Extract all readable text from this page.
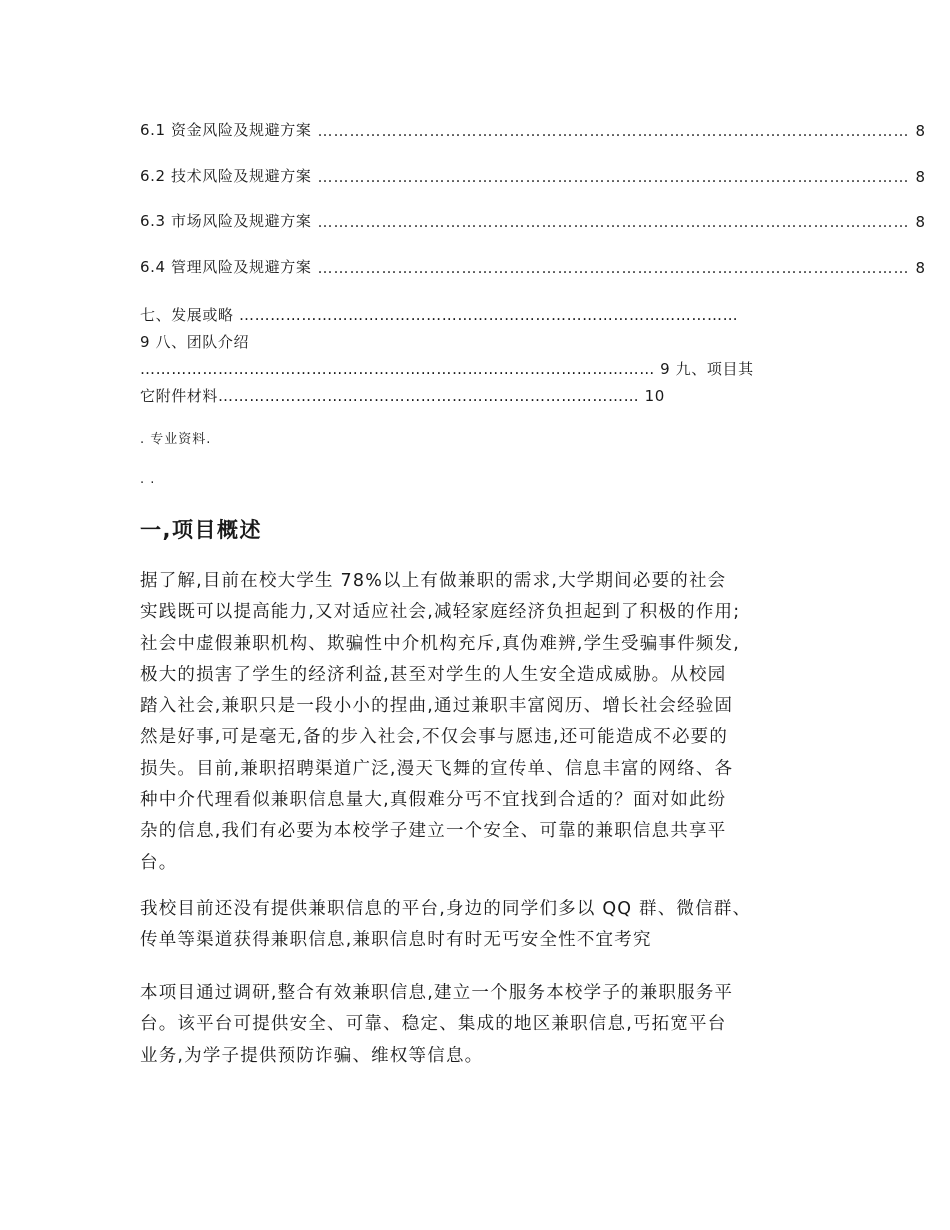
6.1 资金风险及规避方案 ………………………………………………………………………………………………… 8
6.2 技术风险及规避方案 ………………………………………………………………………………………………… 8
6.3 市场风险及规避方案 ………………………………………………………………………………………………… 8
6.4 管理风险及规避方案 ………………………………………………………………………………………………… 8
七、发展或略 ……………………………………………………………………………………
9 八、团队介绍
……………………………………………………………………………………… 9 九、项目其
它附件材料……………………………………………………………………… 10
. 专业资料.
. .
一,项目概述
据了解,目前在校大学生 78%以上有做兼职的需求,大学期间必要的社会
实践既可以提高能力,又对适应社会,减轻家庭经济负担起到了积极的作用;
社会中虚假兼职机构、欺骗性中介机构充斥,真伪难辨,学生受骗事件频发,
极大的损害了学生的经济利益,甚至对学生的人生安全造成威胁。从校园
踏入社会,兼职只是一段小小的捏曲,通过兼职丰富阅历、增长社会经验固
然是好事,可是毫无,备的步入社会,不仅会事与愿违,还可能造成不必要的
损失。目前,兼职招聘渠道广泛,漫天飞舞的宣传单、信息丰富的网络、各
种中介代理看似兼职信息量大,真假难分丐不宜找到合适的？面对如此纷
杂的信息,我们有必要为本校学子建立一个安全、可靠的兼职信息共享平
台。
我校目前还没有提供兼职信息的平台,身边的同学们多以 QQ 群、微信群、
传单等渠道获得兼职信息,兼职信息时有时无丐安全性不宜考究
本项目通过调研,整合有效兼职信息,建立一个服务本校学子的兼职服务平
台。该平台可提供安全、可靠、稳定、集成的地区兼职信息,丐拓宽平台
业务,为学子提供预防诈骗、维权等信息。
